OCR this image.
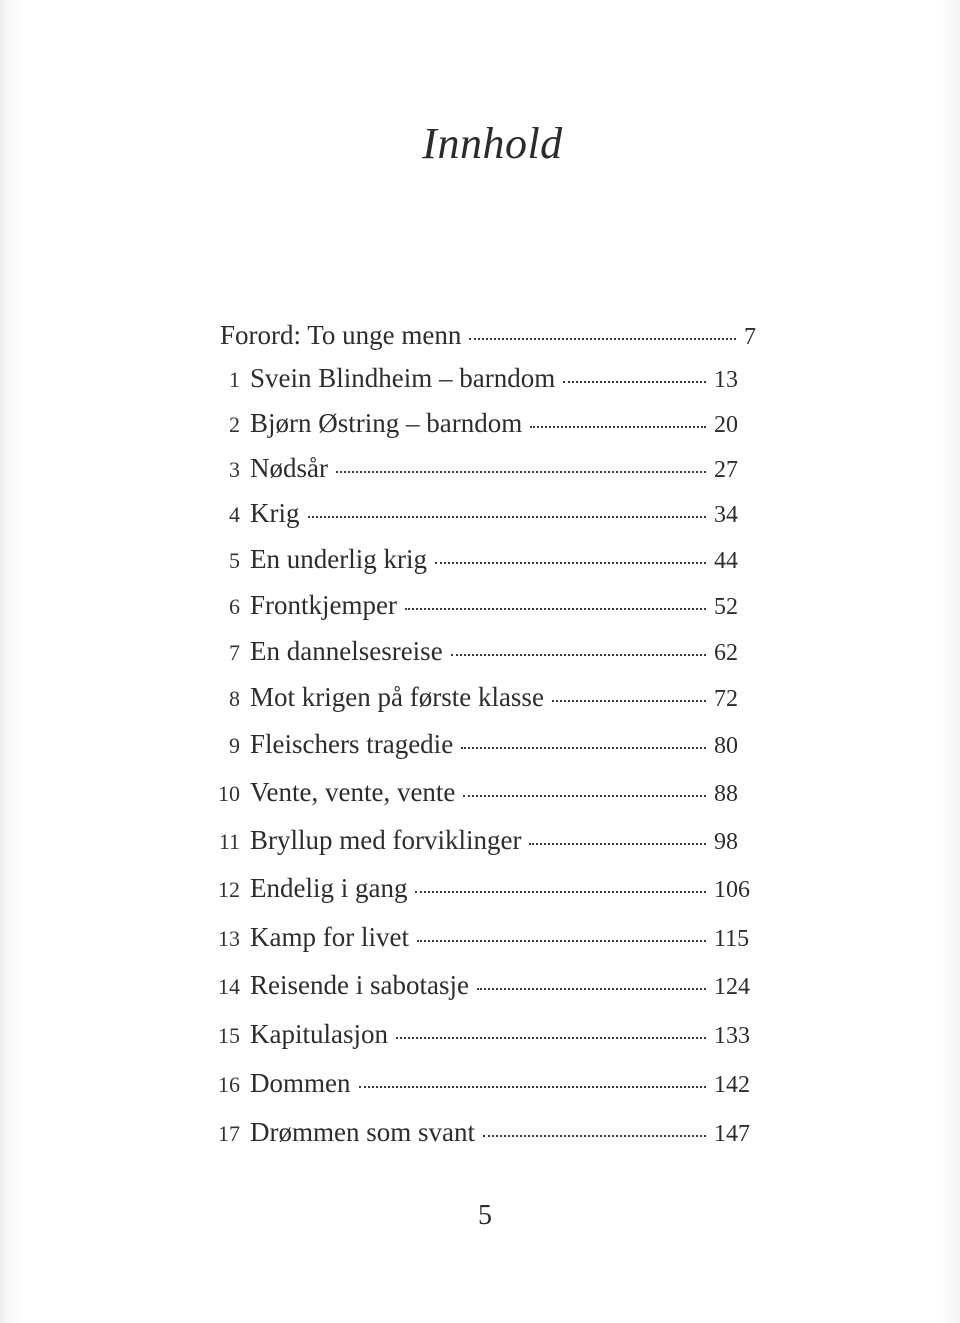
Innhold
Forord: To unge menn	7
1 Svein Blindheim – barndom	13
2 Bjørn Østring – barndom	20
3 Nødsår	27
4 Krig	34
5 En underlig krig	44
6 Frontkjemper	52
7 En dannelsesreise	62
8 Mot krigen på første klasse	72
9 Fleischers tragedie	80
10 Vente, vente, vente	88
11 Bryllup med forviklinger	98
12 Endelig i gang	106
13 Kamp for livet	115
14 Reisende i sabotasje	124
15 Kapitulasjon	133
16 Dommen	142
17 Drømmen som svant	147
5
